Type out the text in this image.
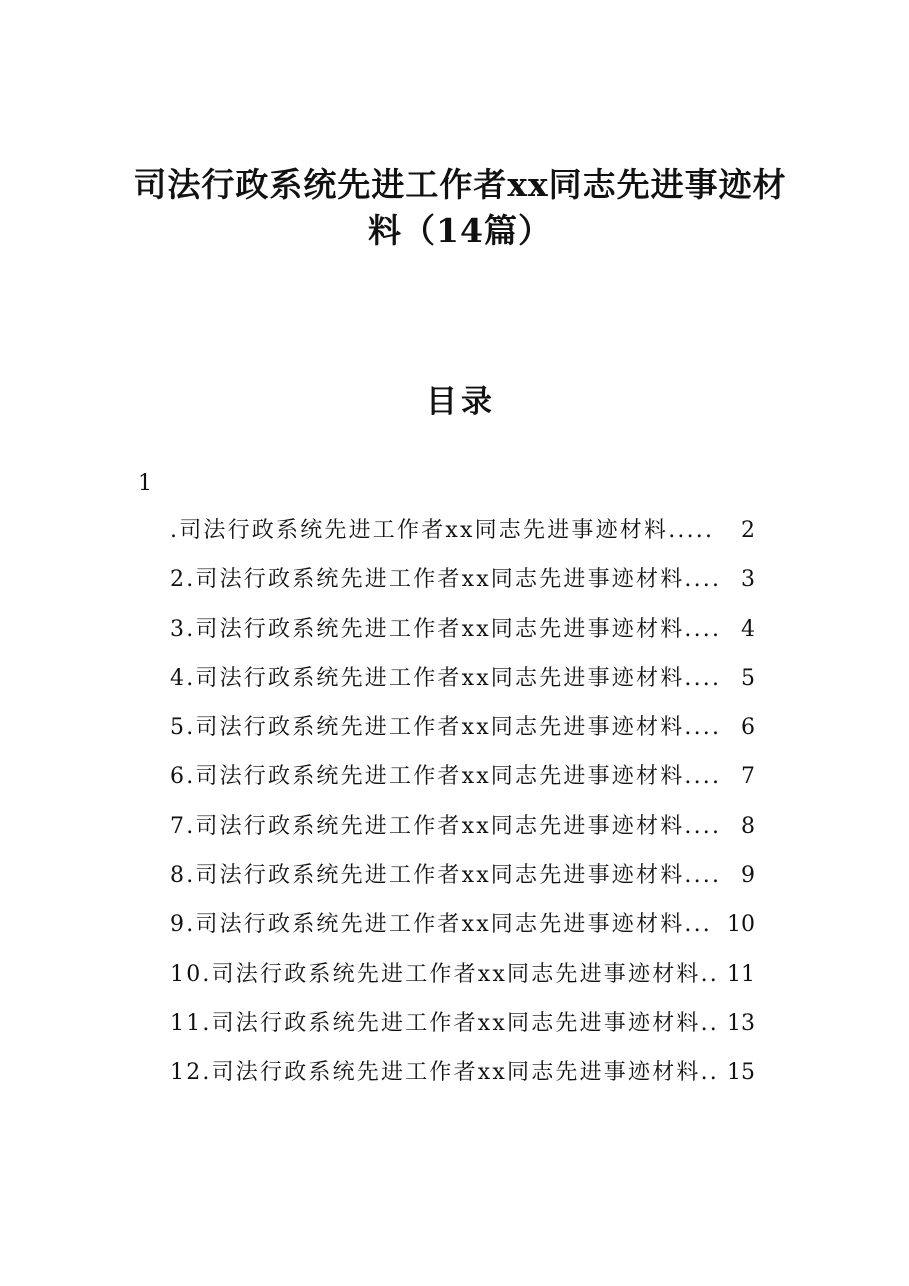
司法行政系统先进工作者xx同志先进事迹材
料（14篇）
目录
1
.司法行政系统先进工作者xx同志先进事迹材料.....	2
2.司法行政系统先进工作者xx同志先进事迹材料.... 3
3.司法行政系统先进工作者xx同志先进事迹材料.... 4
4.司法行政系统先进工作者xx同志先进事迹材料.... 5
5.司法行政系统先进工作者xx同志先进事迹材料.... 6
6.司法行政系统先进工作者xx同志先进事迹材料.... 7
7.司法行政系统先进工作者xx同志先进事迹材料.... 8
8.司法行政系统先进工作者xx同志先进事迹材料.... 9
9.司法行政系统先进工作者xx同志先进事迹材料... 10
10.司法行政系统先进工作者xx同志先进事迹材料.. 11
11.司法行政系统先进工作者xx同志先进事迹材料.. 13
12.司法行政系统先进工作者xx同志先进事迹材料.. 15
